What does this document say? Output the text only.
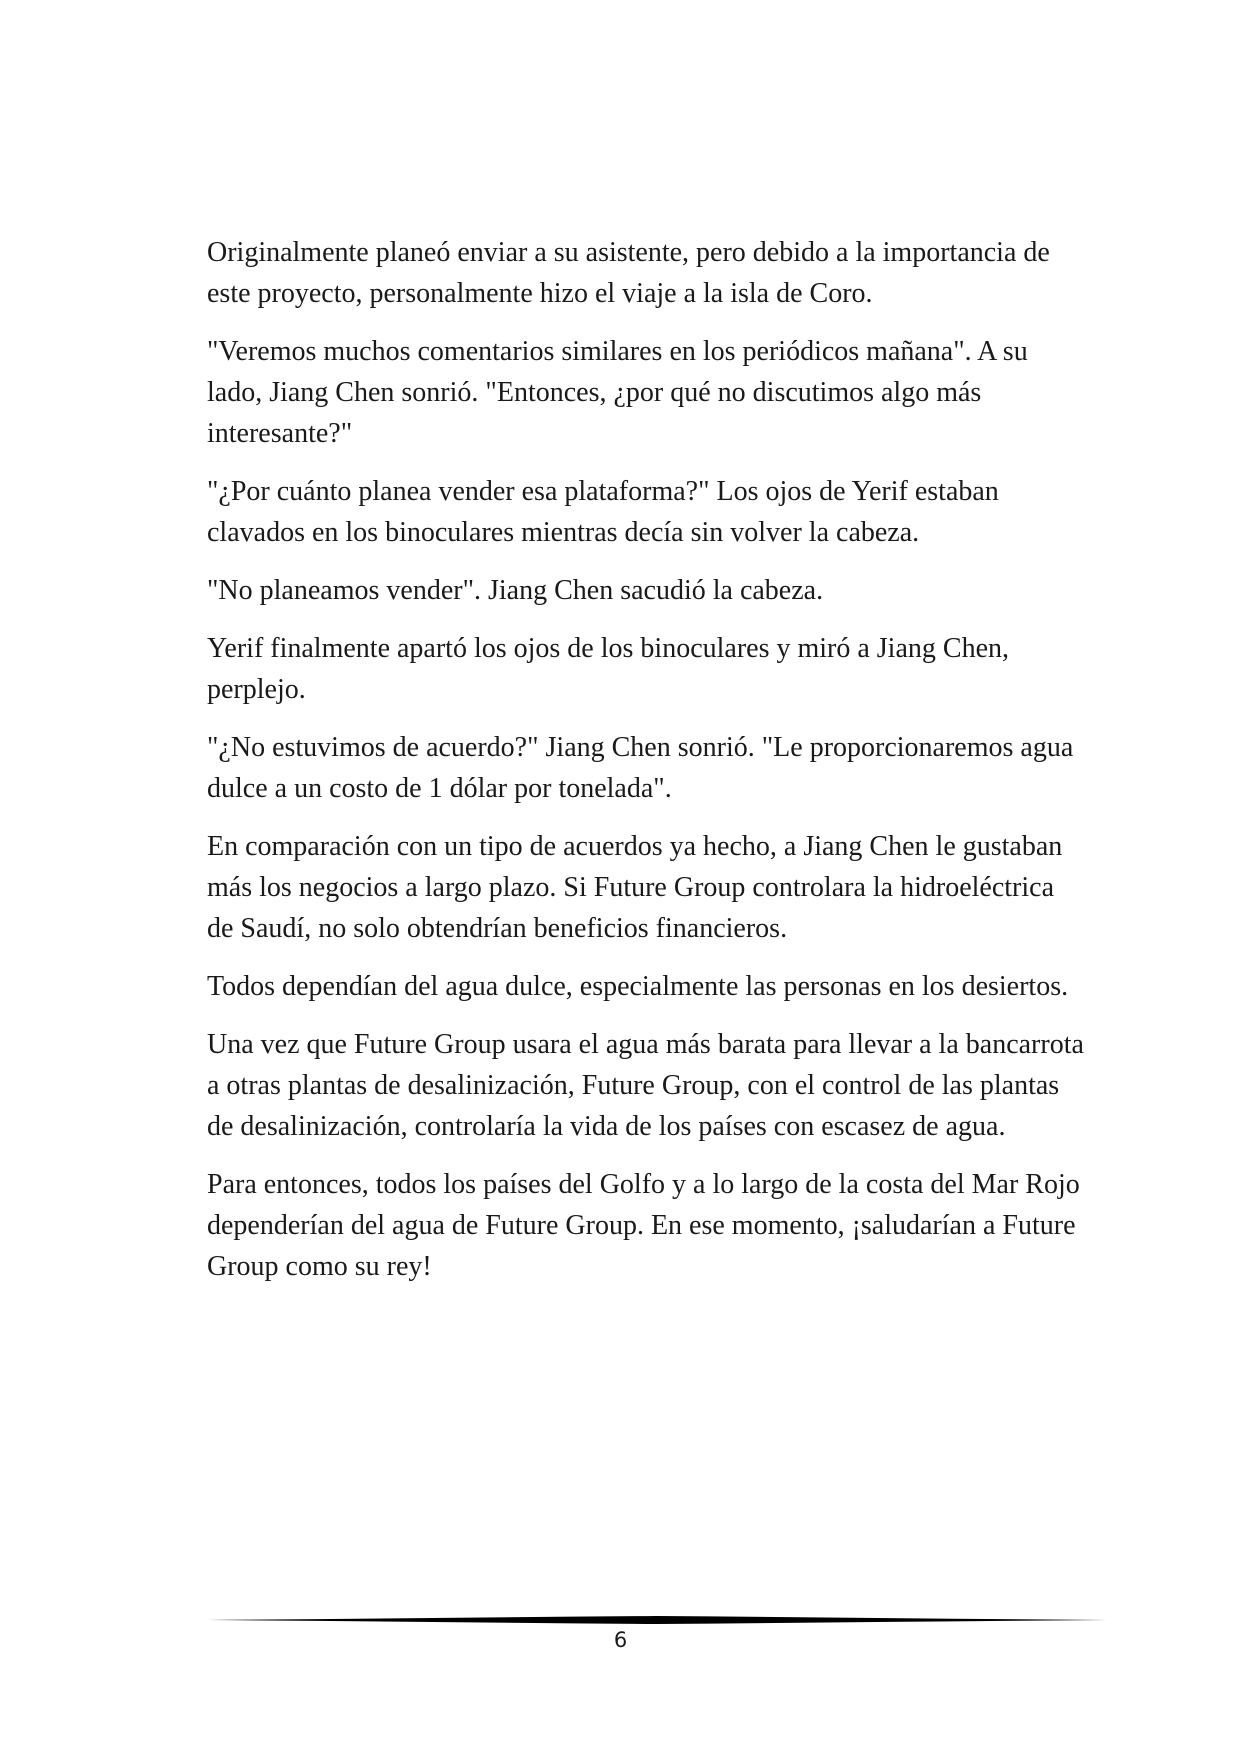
Originalmente planeó enviar a su asistente, pero debido a la importancia de este proyecto, personalmente hizo el viaje a la isla de Coro.

"Veremos muchos comentarios similares en los periódicos mañana". A su lado, Jiang Chen sonrió. "Entonces, ¿por qué no discutimos algo más interesante?"

"¿Por cuánto planea vender esa plataforma?" Los ojos de Yerif estaban clavados en los binoculares mientras decía sin volver la cabeza.

"No planeamos vender". Jiang Chen sacudió la cabeza.

Yerif finalmente apartó los ojos de los binoculares y miró a Jiang Chen, perplejo.

"¿No estuvimos de acuerdo?" Jiang Chen sonrió. "Le proporcionaremos agua dulce a un costo de 1 dólar por tonelada".

En comparación con un tipo de acuerdos ya hecho, a Jiang Chen le gustaban más los negocios a largo plazo. Si Future Group controlara la hidroeléctrica de Saudí, no solo obtendrían beneficios financieros.

Todos dependían del agua dulce, especialmente las personas en los desiertos.

Una vez que Future Group usara el agua más barata para llevar a la bancarrota a otras plantas de desalinización, Future Group, con el control de las plantas de desalinización, controlaría la vida de los países con escasez de agua.

Para entonces, todos los países del Golfo y a lo largo de la costa del Mar Rojo dependerían del agua de Future Group. En ese momento, ¡saludarían a Future Group como su rey!

6
